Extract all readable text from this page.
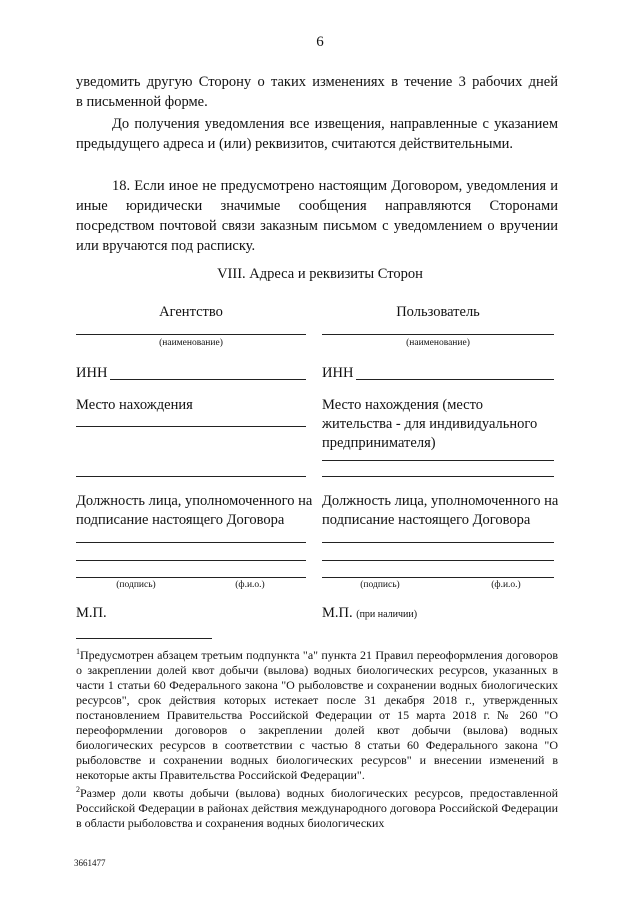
6
уведомить другую Сторону о таких изменениях в течение 3 рабочих дней
в письменной форме.
До получения уведомления все извещения, направленные с указанием предыдущего адреса и (или) реквизитов, считаются действительными.
18. Если иное не предусмотрено настоящим Договором, уведомления и иные юридически значимые сообщения направляются Сторонами посредством почтовой связи заказным письмом с уведомлением о вручении или вручаются под расписку.
VIII. Адреса и реквизиты Сторон
Агентство
(наименование)
ИНН
Место нахождения
Должность лица, уполномоченного на подписание настоящего Договора
(подпись)	(ф.и.о.)
М.П.
Пользователь
(наименование)
ИНН
Место нахождения (место жительства - для индивидуального предпринимателя)
Должность лица, уполномоченного на подписание настоящего Договора
(подпись)	(ф.и.о.)
М.П. (при наличии)
$^1$Предусмотрен абзацем третьим подпункта "а" пункта 21 Правил переоформления договоров о закреплении долей квот добычи (вылова) водных биологических ресурсов, указанных в части 1 статьи 60 Федерального закона "О рыболовстве и сохранении водных биологических ресурсов", срок действия которых истекает после 31 декабря 2018 г., утвержденных постановлением Правительства Российской Федерации от 15 марта 2018 г. № 260 "О переоформлении договоров о закреплении долей квот добычи (вылова) водных биологических ресурсов в соответствии с частью 8 статьи 60 Федерального закона "О рыболовстве и сохранении водных биологических ресурсов" и внесении изменений в некоторые акты Правительства Российской Федерации".
$^2$Размер доли квоты добычи (вылова) водных биологических ресурсов, предоставленной Российской Федерации в районах действия международного договора Российской Федерации в области рыболовства и сохранения водных биологических
3661477
